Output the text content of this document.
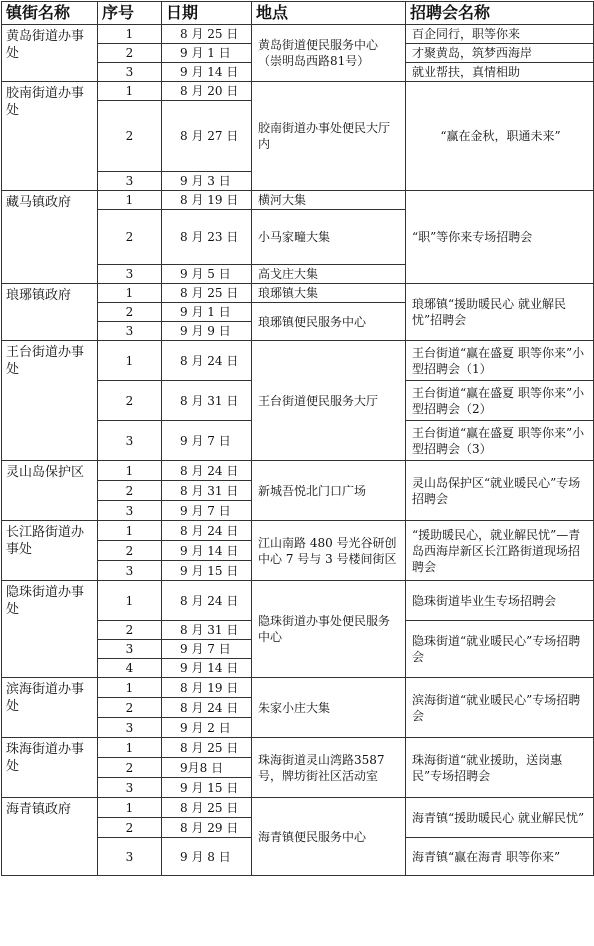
镇街名称	序号	日期	地点	招聘会名称
黄岛街道办事处	1	8 月 25 日	黄岛街道便民服务中心（崇明岛西路81号）	百企同行，职等你来
	2	9 月 1 日		才聚黄岛，筑梦西海岸
	3	9 月 14 日		就业帮扶，真情相助
胶南街道办事处	1	8 月 20 日	胶南街道办事处便民大厅内	“赢在金秋，职通未来”
	2	8 月 27 日		
	3	9 月 3 日		
藏马镇政府	1	8 月 19 日	横河大集	“职”等你来专场招聘会
	2	8 月 23 日	小马家疃大集	
	3	9 月 5 日	高戈庄大集	
琅琊镇政府	1	8 月 25 日	琅琊镇大集	琅琊镇“援助暖民心 就业解民忧”招聘会
	2	9 月 1 日	琅琊镇便民服务中心	
	3	9 月 9 日		
王台街道办事处	1	8 月 24 日	王台街道便民服务大厅	王台街道“赢在盛夏 职等你来”小型招聘会（1）
	2	8 月 31 日		王台街道“赢在盛夏 职等你来”小型招聘会（2）
	3	9 月 7 日		王台街道“赢在盛夏 职等你来”小型招聘会（3）
灵山岛保护区	1	8 月 24 日	新城吾悦北门口广场	灵山岛保护区“就业暖民心”专场招聘会
	2	8 月 31 日		
	3	9 月 7 日		
长江路街道办事处	1	8 月 24 日	江山南路 480 号光谷研创中心 7 号与 3 号楼间街区	“援助暖民心，就业解民忧”—青岛西海岸新区长江路街道现场招聘会
	2	9 月 14 日		
	3	9 月 15 日		
隐珠街道办事处	1	8 月 24 日	隐珠街道办事处便民服务中心	隐珠街道毕业生专场招聘会
	2	8 月 31 日		隐珠街道“就业暖民心”专场招聘会
	3	9 月 7 日		
	4	9 月 14 日		
滨海街道办事处	1	8 月 19 日	朱家小庄大集	滨海街道“就业暖民心”专场招聘会
	2	8 月 24 日		
	3	9 月 2 日		
珠海街道办事处	1	8 月 25 日	珠海街道灵山湾路3587号，牌坊街社区活动室	珠海街道“就业援助，送岗惠民”专场招聘会
	2	9月8 日		
	3	9 月 15 日		
海青镇政府	1	8 月 25 日	海青镇便民服务中心	海青镇“援助暖民心 就业解民忧”
	2	8 月 29 日		
	3	9 月 8 日		海青镇“赢在海青 职等你来”
